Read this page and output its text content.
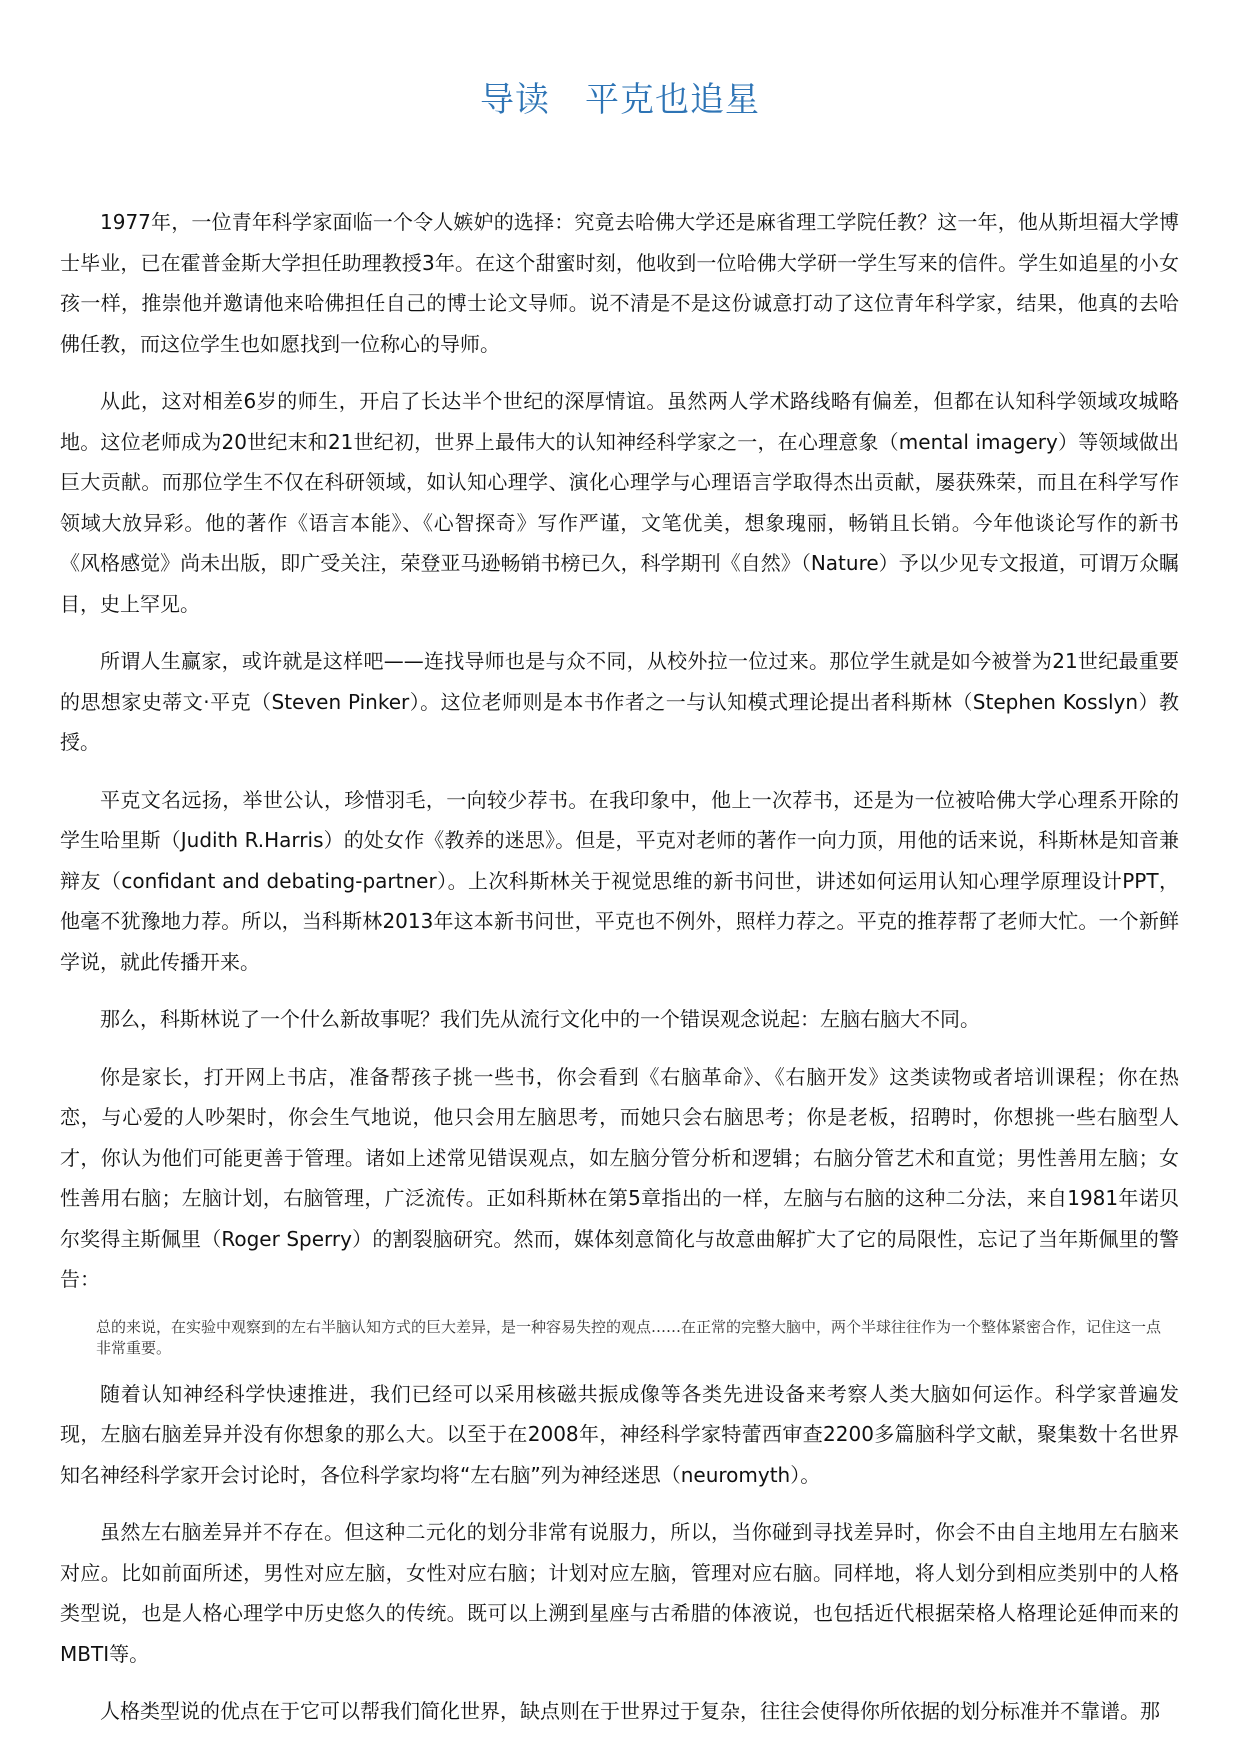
导读　平克也追星

1977年，一位青年科学家面临一个令人嫉妒的选择：究竟去哈佛大学还是麻省理工学院任教？这一年，他从斯坦福大学博士毕业，已在霍普金斯大学担任助理教授3年。在这个甜蜜时刻，他收到一位哈佛大学研一学生写来的信件。学生如追星的小女孩一样，推崇他并邀请他来哈佛担任自己的博士论文导师。说不清是不是这份诚意打动了这位青年科学家，结果，他真的去哈佛任教，而这位学生也如愿找到一位称心的导师。

从此，这对相差6岁的师生，开启了长达半个世纪的深厚情谊。虽然两人学术路线略有偏差，但都在认知科学领域攻城略地。这位老师成为20世纪末和21世纪初，世界上最伟大的认知神经科学家之一，在心理意象（mental imagery）等领域做出巨大贡献。而那位学生不仅在科研领域，如认知心理学、演化心理学与心理语言学取得杰出贡献，屡获殊荣，而且在科学写作领域大放异彩。他的著作《语言本能》、《心智探奇》写作严谨，文笔优美，想象瑰丽，畅销且长销。今年他谈论写作的新书《风格感觉》尚未出版，即广受关注，荣登亚马逊畅销书榜已久，科学期刊《自然》（Nature）予以少见专文报道，可谓万众瞩目，史上罕见。

所谓人生赢家，或许就是这样吧——连找导师也是与众不同，从校外拉一位过来。那位学生就是如今被誉为21世纪最重要的思想家史蒂文·平克（Steven Pinker）。这位老师则是本书作者之一与认知模式理论提出者科斯林（Stephen Kosslyn）教授。

平克文名远扬，举世公认，珍惜羽毛，一向较少荐书。在我印象中，他上一次荐书，还是为一位被哈佛大学心理系开除的学生哈里斯（Judith R.Harris）的处女作《教养的迷思》。但是，平克对老师的著作一向力顶，用他的话来说，科斯林是知音兼辩友（confidant and debating-partner）。上次科斯林关于视觉思维的新书问世，讲述如何运用认知心理学原理设计PPT，他毫不犹豫地力荐。所以，当科斯林2013年这本新书问世，平克也不例外，照样力荐之。平克的推荐帮了老师大忙。一个新鲜学说，就此传播开来。

那么，科斯林说了一个什么新故事呢？我们先从流行文化中的一个错误观念说起：左脑右脑大不同。

你是家长，打开网上书店，准备帮孩子挑一些书，你会看到《右脑革命》、《右脑开发》这类读物或者培训课程；你在热恋，与心爱的人吵架时，你会生气地说，他只会用左脑思考，而她只会右脑思考；你是老板，招聘时，你想挑一些右脑型人才，你认为他们可能更善于管理。诸如上述常见错误观点，如左脑分管分析和逻辑；右脑分管艺术和直觉；男性善用左脑；女性善用右脑；左脑计划，右脑管理，广泛流传。正如科斯林在第5章指出的一样，左脑与右脑的这种二分法，来自1981年诺贝尔奖得主斯佩里（Roger Sperry）的割裂脑研究。然而，媒体刻意简化与故意曲解扩大了它的局限性，忘记了当年斯佩里的警告：

总的来说，在实验中观察到的左右半脑认知方式的巨大差异，是一种容易失控的观点……在正常的完整大脑中，两个半球往往作为一个整体紧密合作，记住这一点非常重要。

随着认知神经科学快速推进，我们已经可以采用核磁共振成像等各类先进设备来考察人类大脑如何运作。科学家普遍发现，左脑右脑差异并没有你想象的那么大。以至于在2008年，神经科学家特蕾西审查2200多篇脑科学文献，聚集数十名世界知名神经科学家开会讨论时，各位科学家均将“左右脑”列为神经迷思（neuromyth）。

虽然左右脑差异并不存在。但这种二元化的划分非常有说服力，所以，当你碰到寻找差异时，你会不由自主地用左右脑来对应。比如前面所述，男性对应左脑，女性对应右脑；计划对应左脑，管理对应右脑。同样地，将人划分到相应类别中的人格类型说，也是人格心理学中历史悠久的传统。既可以上溯到星座与古希腊的体液说，也包括近代根据荣格人格理论延伸而来的MBTI等。

人格类型说的优点在于它可以帮我们简化世界，缺点则在于世界过于复杂，往往会使得你所依据的划分标准并不靠谱。那
